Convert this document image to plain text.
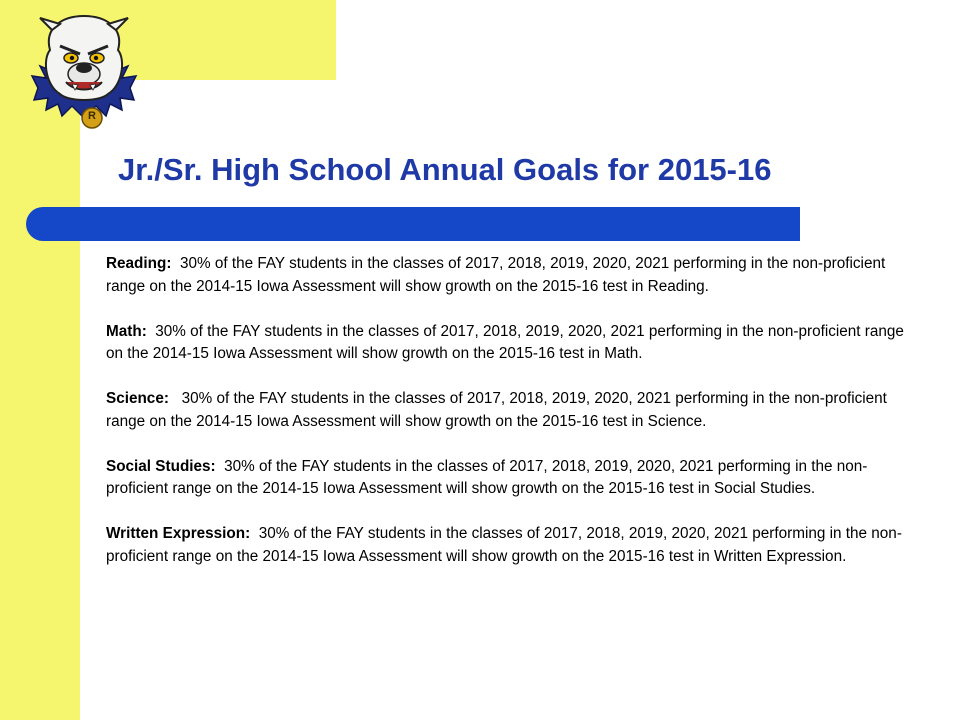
R
Jr./Sr. High School Annual Goals for 2015-16

Reading: 30% of the FAY students in the classes of 2017, 2018, 2019, 2020, 2021 performing in the non-proficient range on the 2014-15 Iowa Assessment will show growth on the 2015-16 test in Reading.

Math: 30% of the FAY students in the classes of 2017, 2018, 2019, 2020, 2021 performing in the non-proficient range on the 2014-15 Iowa Assessment will show growth on the 2015-16 test in Math.

Science: 30% of the FAY students in the classes of 2017, 2018, 2019, 2020, 2021 performing in the non-proficient range on the 2014-15 Iowa Assessment will show growth on the 2015-16 test in Science.

Social Studies: 30% of the FAY students in the classes of 2017, 2018, 2019, 2020, 2021 performing in the non-proficient range on the 2014-15 Iowa Assessment will show growth on the 2015-16 test in Social Studies.

Written Expression: 30% of the FAY students in the classes of 2017, 2018, 2019, 2020, 2021 performing in the non-proficient range on the 2014-15 Iowa Assessment will show growth on the 2015-16 test in Written Expression.
